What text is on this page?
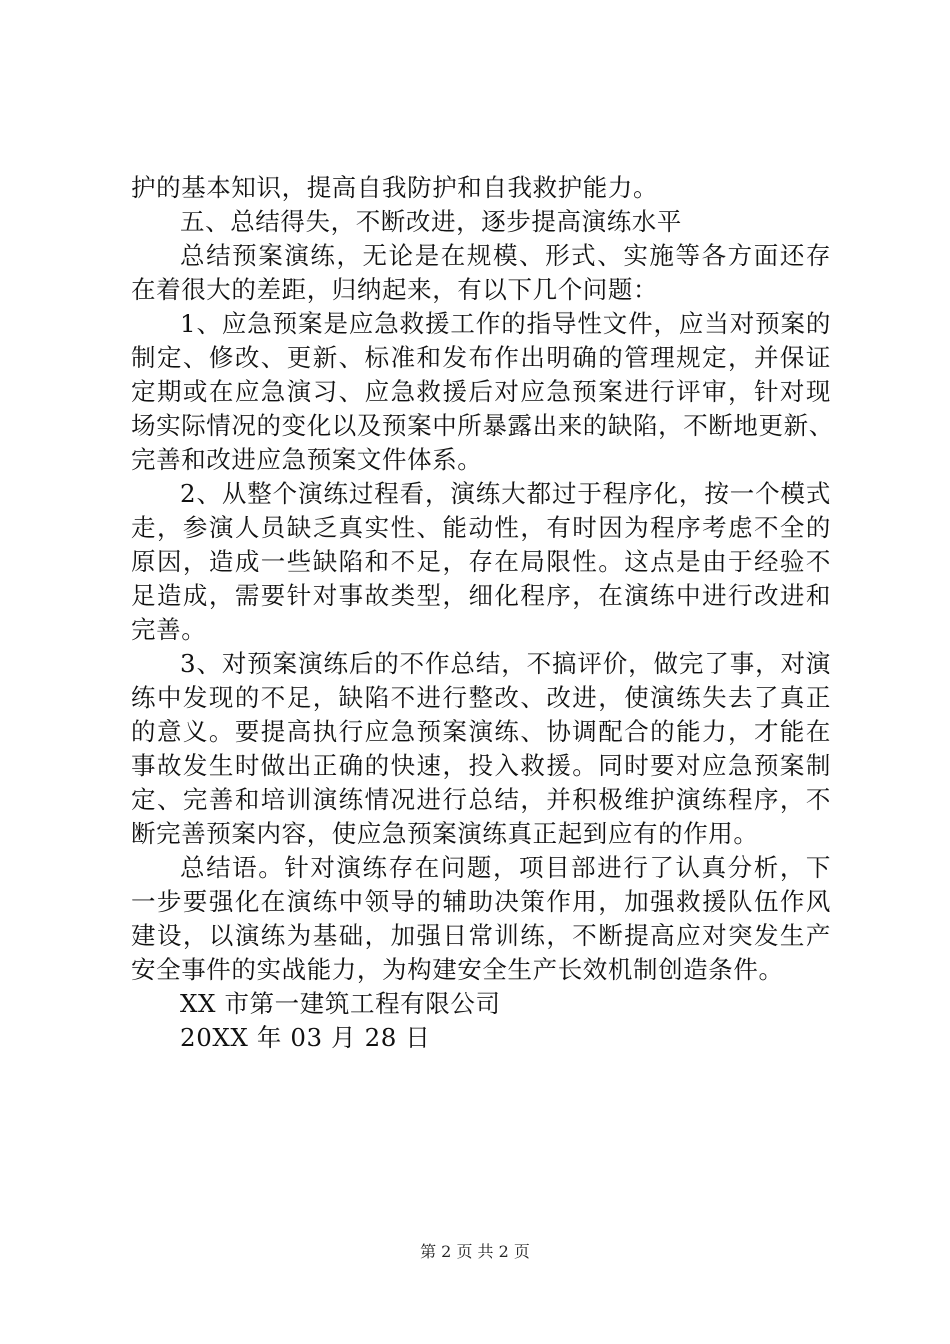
护的基本知识，提高自我防护和自我救护能力。
五、总结得失，不断改进，逐步提高演练水平
总结预案演练，无论是在规模、形式、实施等各方面还存
在着很大的差距，归纳起来，有以下几个问题：
1、应急预案是应急救援工作的指导性文件，应当对预案的
制定、修改、更新、标准和发布作出明确的管理规定，并保证
定期或在应急演习、应急救援后对应急预案进行评审，针对现
场实际情况的变化以及预案中所暴露出来的缺陷，不断地更新、
完善和改进应急预案文件体系。
2、从整个演练过程看，演练大都过于程序化，按一个模式
走，参演人员缺乏真实性、能动性，有时因为程序考虑不全的
原因，造成一些缺陷和不足，存在局限性。这点是由于经验不
足造成，需要针对事故类型，细化程序，在演练中进行改进和
完善。
3、对预案演练后的不作总结，不搞评价，做完了事，对演
练中发现的不足，缺陷不进行整改、改进，使演练失去了真正
的意义。要提高执行应急预案演练、协调配合的能力，才能在
事故发生时做出正确的快速，投入救援。同时要对应急预案制
定、完善和培训演练情况进行总结，并积极维护演练程序，不
断完善预案内容，使应急预案演练真正起到应有的作用。
总结语。针对演练存在问题，项目部进行了认真分析，下
一步要强化在演练中领导的辅助决策作用，加强救援队伍作风
建设，以演练为基础，加强日常训练，不断提高应对突发生产
安全事件的实战能力，为构建安全生产长效机制创造条件。
XX 市第一建筑工程有限公司
20XX 年 03 月 28 日
第 2 页 共 2 页
